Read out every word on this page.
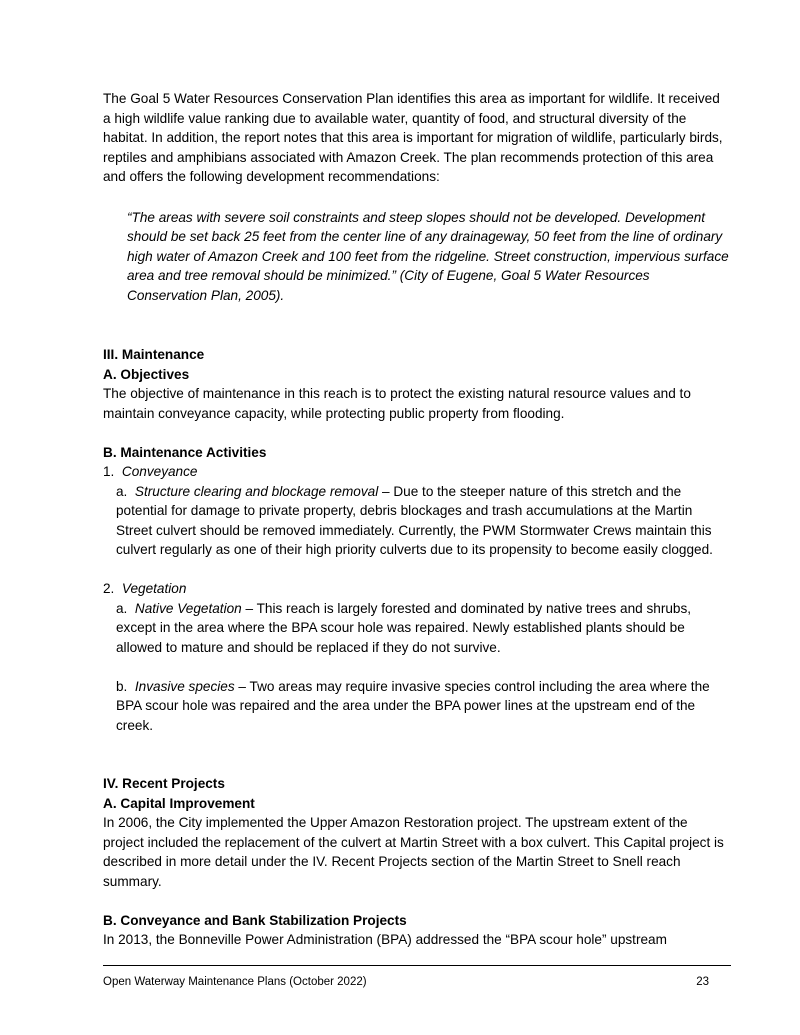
The Goal 5 Water Resources Conservation Plan identifies this area as important for wildlife. It received a high wildlife value ranking due to available water, quantity of food, and structural diversity of the habitat. In addition, the report notes that this area is important for migration of wildlife, particularly birds, reptiles and amphibians associated with Amazon Creek. The plan recommends protection of this area and offers the following development recommendations:

“The areas with severe soil constraints and steep slopes should not be developed. Development should be set back 25 feet from the center line of any drainageway, 50 feet from the line of ordinary high water of Amazon Creek and 100 feet from the ridgeline. Street construction, impervious surface area and tree removal should be minimized.” (City of Eugene, Goal 5 Water Resources Conservation Plan, 2005).

III. Maintenance

A. Objectives

The objective of maintenance in this reach is to protect the existing natural resource values and to maintain conveyance capacity, while protecting public property from flooding.

B. Maintenance Activities

1. Conveyance

a. Structure clearing and blockage removal – Due to the steeper nature of this stretch and the potential for damage to private property, debris blockages and trash accumulations at the Martin Street culvert should be removed immediately. Currently, the PWM Stormwater Crews maintain this culvert regularly as one of their high priority culverts due to its propensity to become easily clogged.

2. Vegetation

a. Native Vegetation – This reach is largely forested and dominated by native trees and shrubs, except in the area where the BPA scour hole was repaired. Newly established plants should be allowed to mature and should be replaced if they do not survive.

b. Invasive species – Two areas may require invasive species control including the area where the BPA scour hole was repaired and the area under the BPA power lines at the upstream end of the creek.

IV. Recent Projects

A. Capital Improvement

In 2006, the City implemented the Upper Amazon Restoration project. The upstream extent of the project included the replacement of the culvert at Martin Street with a box culvert. This Capital project is described in more detail under the IV. Recent Projects section of the Martin Street to Snell reach summary.

B. Conveyance and Bank Stabilization Projects

In 2013, the Bonneville Power Administration (BPA) addressed the “BPA scour hole” upstream

Open Waterway Maintenance Plans (October 2022)	23
